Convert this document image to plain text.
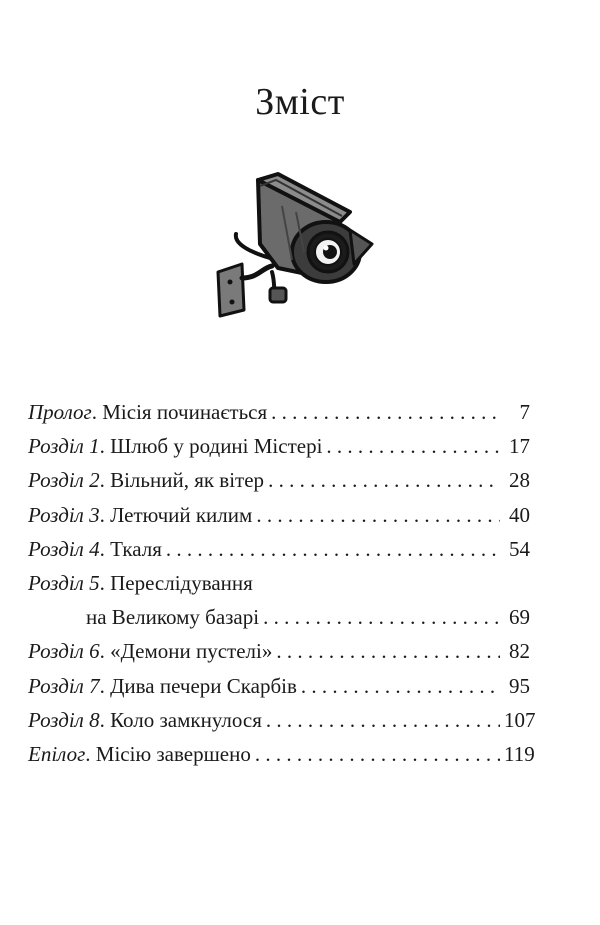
Зміст
Пролог . Місія починається . . .	7
Розділ 1 . Шлюб у родині Містері . . .	17
Розділ 2 . Вільний, як вітер . . .	28
Розділ 3 . Летючий килим . . .	40
Розділ 4 . Ткаля . . .	54
Розділ 5 . Переслідування
на Великому базарі . . .	69
Розділ 6 . «Демони пустелі» . . .	82
Розділ 7 . Дива печери Скарбів . . .	95
Розділ 8 . Коло замкнулося . . .	107
Епілог . Місію завершено . . .	119
